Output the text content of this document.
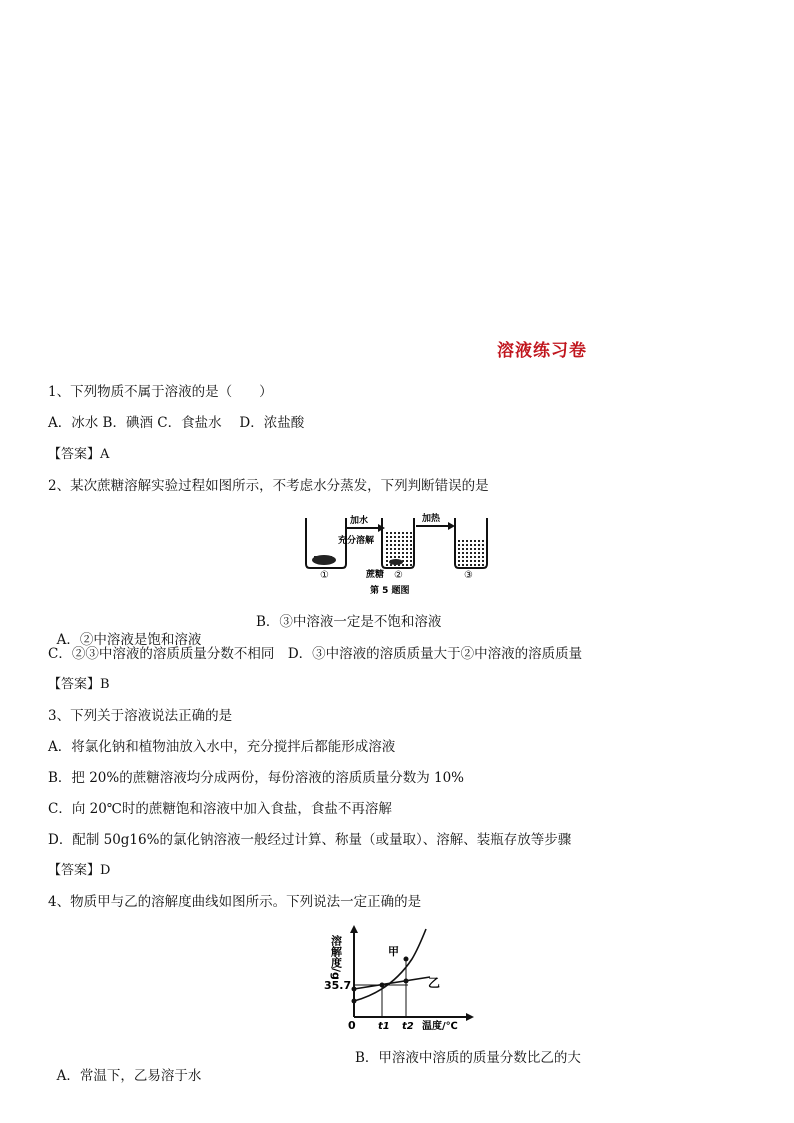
溶液练习卷
1、下列物质不属于溶液的是（　　）
A．冰水 B．碘酒 C．食盐水　 D．浓盐酸
【答案】A
2、某次蔗糖溶解实验过程如图所示，不考虑水分蒸发，下列判断错误的是
加水
充分溶解
加热
①	蔗糖 ②	③
第 5 题图

A．②中溶液是饱和溶液

B．③中溶液一定是不饱和溶液

C．②③中溶液的溶质质量分数不相同　D．③中溶液的溶质质量大于②中溶液的溶质质量
【答案】B
3、下列关于溶液说法正确的是
A．将氯化钠和植物油放入水中，充分搅拌后都能形成溶液
B．把 20%的蔗糖溶液均分成两份，每份溶液的溶质质量分数为 10%
C．向 20℃时的蔗糖饱和溶液中加入食盐，食盐不再溶解
D．配制 50g16%的氯化钠溶液一般经过计算、称量（或量取）、溶解、装瓶存放等步骤
【答案】D
4、物质甲与乙的溶解度曲线如图所示。下列说法一定正确的是
溶解度/g
35.7
0 t1 t2 温度/℃
甲
乙

A．常温下，乙易溶于水

B．甲溶液中溶质的质量分数比乙的大
